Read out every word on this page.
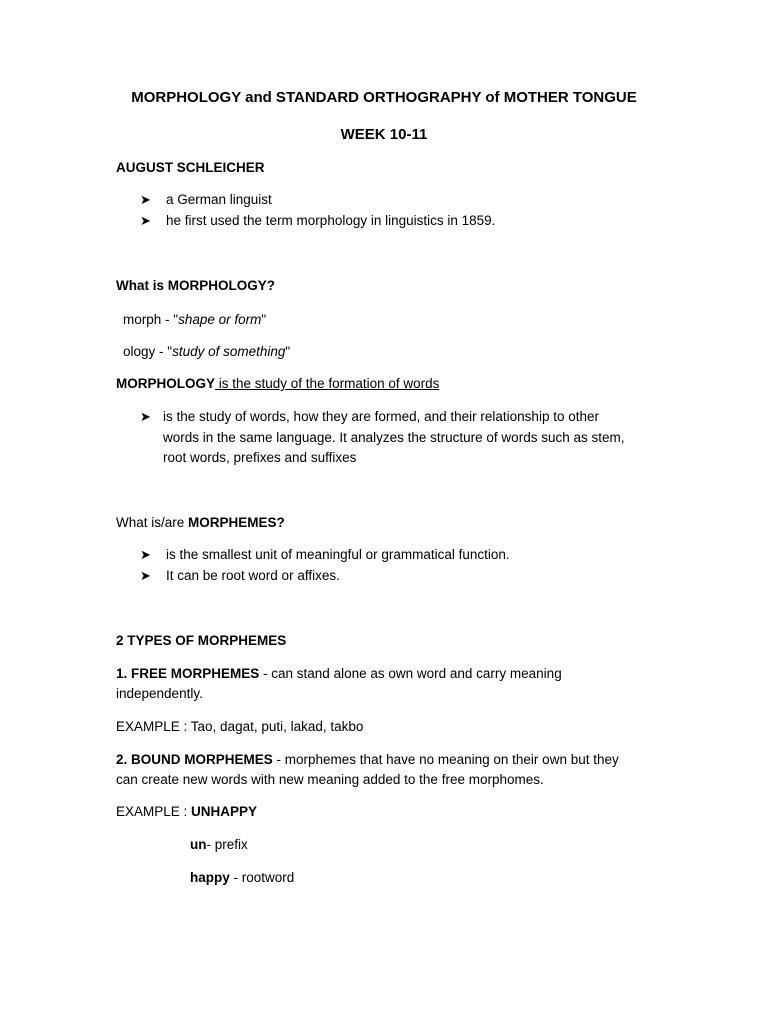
MORPHOLOGY and STANDARD ORTHOGRAPHY of MOTHER TONGUE
WEEK 10-11
AUGUST SCHLEICHER
➤ a German linguist
➤ he first used the term morphology in linguistics in 1859.
What is MORPHOLOGY?
morph - "shape or form"
ology - "study of something"
MORPHOLOGY is the study of the formation of words
➤ is the study of words, how they are formed, and their relationship to other
words in the same language. It analyzes the structure of words such as stem,
root words, prefixes and suffixes
What is/are MORPHEMES?
➤ is the smallest unit of meaningful or grammatical function.
➤ It can be root word or affixes.
2 TYPES OF MORPHEMES
1. FREE MORPHEMES - can stand alone as own word and carry meaning
independently.
EXAMPLE : Tao, dagat, puti, lakad, takbo
2. BOUND MORPHEMES - morphemes that have no meaning on their own but they
can create new words with new meaning added to the free morphomes.
EXAMPLE : UNHAPPY
un- prefix
happy - rootword
